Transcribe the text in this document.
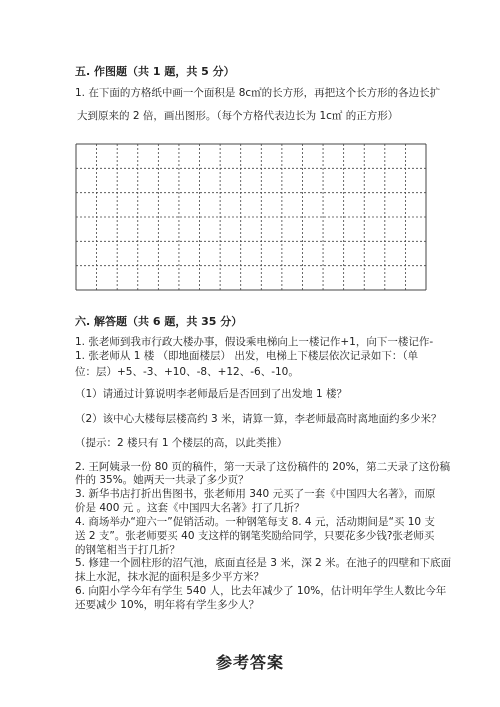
五. 作图题（共 1 题，共 5 分）
1. 在下面的方格纸中画一个面积是 8c㎡的长方形，再把这个长方形的各边长扩
大到原来的 2 倍，画出图形。（每个方格代表边长为 1c㎡ 的正方形）
六. 解答题（共 6 题，共 35 分）
1. 张老师到我市行政大楼办事，假设乘电梯向上一楼记作+1，向下一楼记作-
1. 张老师从 1 楼 （即地面楼层） 出发，电梯上下楼层依次记录如下：（单
位：层）+5、-3、+10、-8、+12、-6、-10。
（1）请通过计算说明李老师最后是否回到了出发地 1 楼？
（2）该中心大楼每层楼高约 3 米，请算一算，李老师最高时离地面约多少米？
（提示：2 楼只有 1 个楼层的高，以此类推）
2. 王阿姨录一份 80 页的稿件，第一天录了这份稿件的 20%，第二天录了这份稿
件的 35%。她两天一共录了多少页？
3. 新华书店打折出售图书，张老师用 340 元买了一套《中国四大名著》，而原
价是 400 元 。这套《中国四大名著》打了几折？
4. 商场举办“迎六一”促销活动。一种钢笔每支 8. 4 元，活动期间是“买 10 支
送 2 支”。张老师要买 40 支这样的钢笔奖励给同学，只要花多少钱?张老师买
的钢笔相当于打几折？
5. 修建一个圆柱形的沼气池，底面直径是 3 米，深 2 米。在池子的四壁和下底面
抹上水泥，抹水泥的面积是多少平方米？
6. 向阳小学今年有学生 540 人，比去年减少了 10%，估计明年学生人数比今年
还要减少 10%，明年将有学生多少人？
参考答案
